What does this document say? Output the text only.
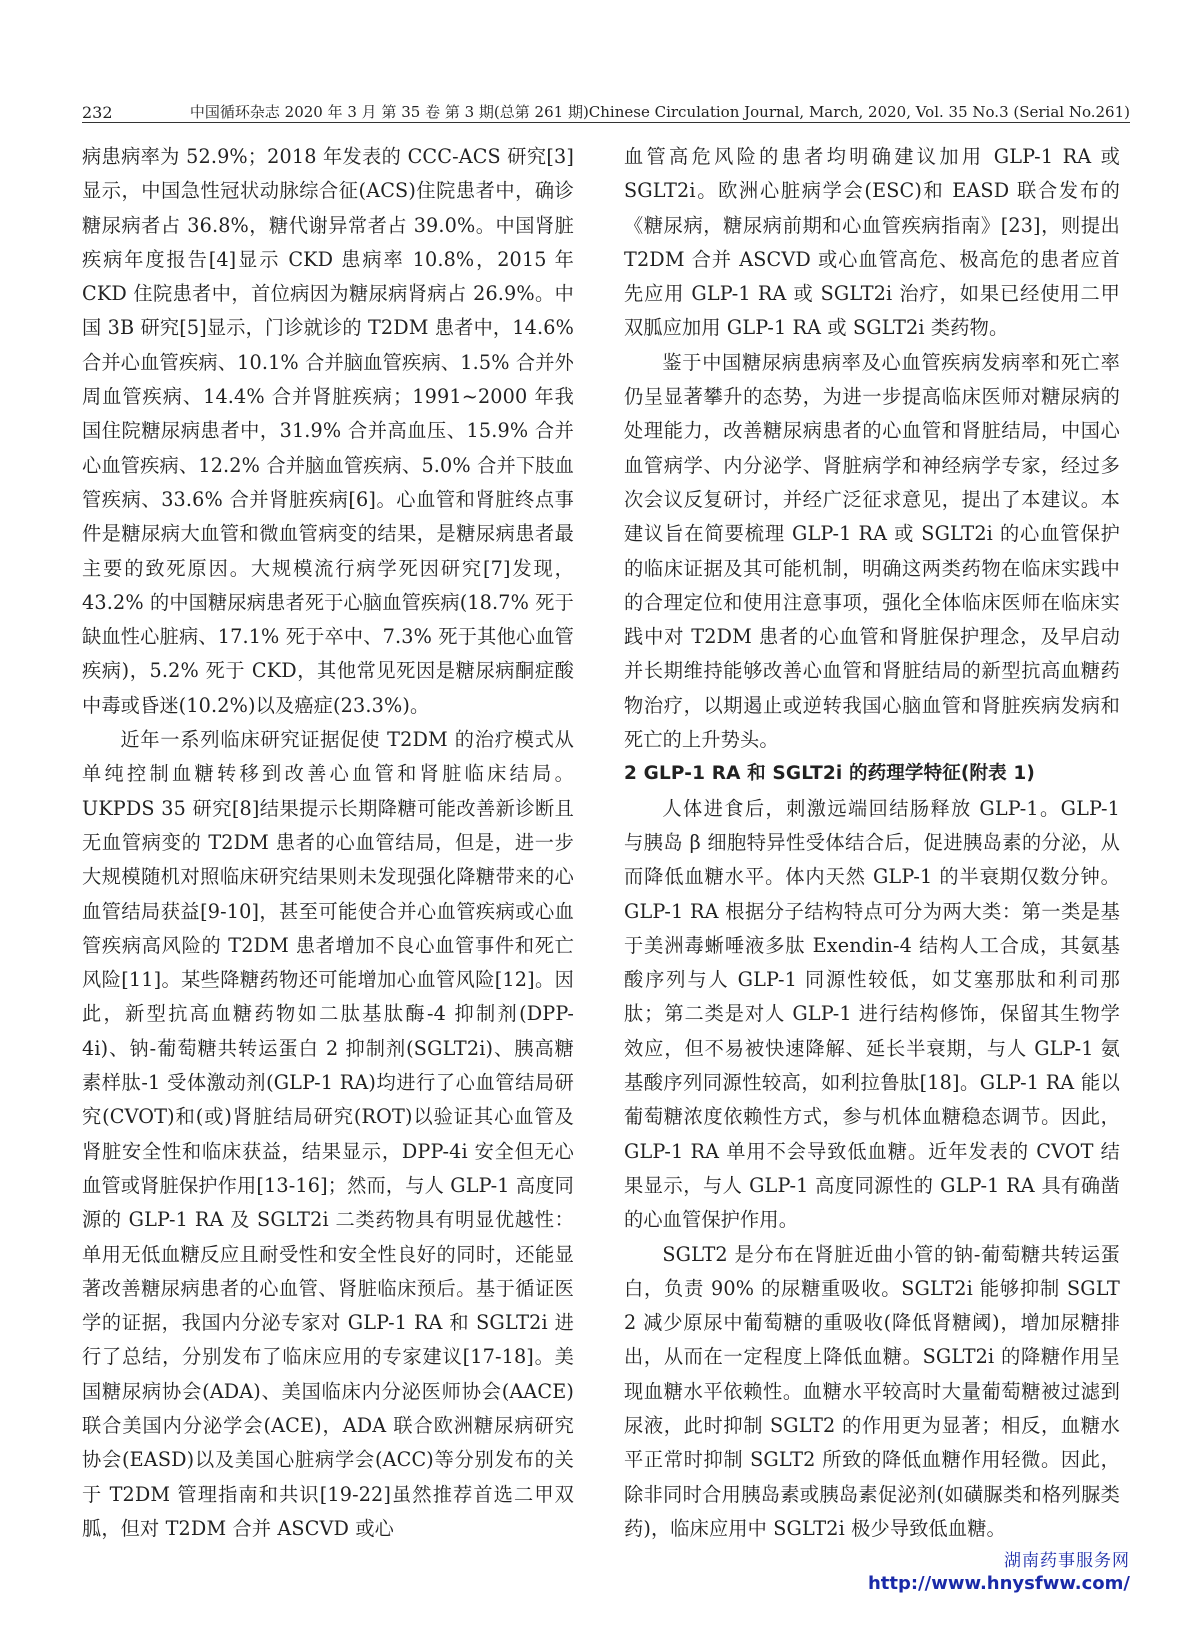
232	中国循环杂志 2020 年 3 月 第 35 卷 第 3 期(总第 261 期)Chinese Circulation Journal, March, 2020, Vol. 35 No.3 (Serial No.261)

病患病率为 52.9%；2018 年发表的 CCC-ACS 研究[3]显示，中国急性冠状动脉综合征(ACS)住院患者中，确诊糖尿病者占 36.8%，糖代谢异常者占 39.0%。中国肾脏疾病年度报告[4]显示 CKD 患病率 10.8%，2015 年 CKD 住院患者中，首位病因为糖尿病肾病占 26.9%。中国 3B 研究[5]显示，门诊就诊的 T2DM 患者中，14.6% 合并心血管疾病、10.1% 合并脑血管疾病、1.5% 合并外周血管疾病、14.4% 合并肾脏疾病；1991~2000 年我国住院糖尿病患者中，31.9% 合并高血压、15.9% 合并心血管疾病、12.2% 合并脑血管疾病、5.0% 合并下肢血管疾病、33.6% 合并肾脏疾病[6]。心血管和肾脏终点事件是糖尿病大血管和微血管病变的结果，是糖尿病患者最主要的致死原因。大规模流行病学死因研究[7]发现，43.2% 的中国糖尿病患者死于心脑血管疾病(18.7% 死于缺血性心脏病、17.1% 死于卒中、7.3% 死于其他心血管疾病)，5.2% 死于 CKD，其他常见死因是糖尿病酮症酸中毒或昏迷(10.2%)以及癌症(23.3%)。

近年一系列临床研究证据促使 T2DM 的治疗模式从单纯控制血糖转移到改善心血管和肾脏临床结局。UKPDS 35 研究[8]结果提示长期降糖可能改善新诊断且无血管病变的 T2DM 患者的心血管结局，但是，进一步大规模随机对照临床研究结果则未发现强化降糖带来的心血管结局获益[9-10]，甚至可能使合并心血管疾病或心血管疾病高风险的 T2DM 患者增加不良心血管事件和死亡风险[11]。某些降糖药物还可能增加心血管风险[12]。因此，新型抗高血糖药物如二肽基肽酶-4 抑制剂(DPP-4i)、钠-葡萄糖共转运蛋白 2 抑制剂(SGLT2i)、胰高糖素样肽-1 受体激动剂(GLP-1 RA)均进行了心血管结局研究(CVOT)和(或)肾脏结局研究(ROT)以验证其心血管及肾脏安全性和临床获益，结果显示，DPP-4i 安全但无心血管或肾脏保护作用[13-16]；然而，与人 GLP-1 高度同源的 GLP-1 RA 及 SGLT2i 二类药物具有明显优越性：单用无低血糖反应且耐受性和安全性良好的同时，还能显著改善糖尿病患者的心血管、肾脏临床预后。基于循证医学的证据，我国内分泌专家对 GLP-1 RA 和 SGLT2i 进行了总结，分别发布了临床应用的专家建议[17-18]。美国糖尿病协会(ADA)、美国临床内分泌医师协会(AACE)联合美国内分泌学会(ACE)，ADA 联合欧洲糖尿病研究协会(EASD)以及美国心脏病学会(ACC)等分别发布的关于 T2DM 管理指南和共识[19-22]虽然推荐首选二甲双胍，但对 T2DM 合并 ASCVD 或心

血管高危风险的患者均明确建议加用 GLP-1 RA 或 SGLT2i。欧洲心脏病学会(ESC)和 EASD 联合发布的《糖尿病，糖尿病前期和心血管疾病指南》[23]，则提出 T2DM 合并 ASCVD 或心血管高危、极高危的患者应首先应用 GLP-1 RA 或 SGLT2i 治疗，如果已经使用二甲双胍应加用 GLP-1 RA 或 SGLT2i 类药物。

鉴于中国糖尿病患病率及心血管疾病发病率和死亡率仍呈显著攀升的态势，为进一步提高临床医师对糖尿病的处理能力，改善糖尿病患者的心血管和肾脏结局，中国心血管病学、内分泌学、肾脏病学和神经病学专家，经过多次会议反复研讨，并经广泛征求意见，提出了本建议。本建议旨在简要梳理 GLP-1 RA 或 SGLT2i 的心血管保护的临床证据及其可能机制，明确这两类药物在临床实践中的合理定位和使用注意事项，强化全体临床医师在临床实践中对 T2DM 患者的心血管和肾脏保护理念，及早启动并长期维持能够改善心血管和肾脏结局的新型抗高血糖药物治疗，以期遏止或逆转我国心脑血管和肾脏疾病发病和死亡的上升势头。

2 GLP-1 RA 和 SGLT2i 的药理学特征(附表 1)

人体进食后，刺激远端回结肠释放 GLP-1。GLP-1 与胰岛 β 细胞特异性受体结合后，促进胰岛素的分泌，从而降低血糖水平。体内天然 GLP-1 的半衰期仅数分钟。GLP-1 RA 根据分子结构特点可分为两大类：第一类是基于美洲毒蜥唾液多肽 Exendin-4 结构人工合成，其氨基酸序列与人 GLP-1 同源性较低，如艾塞那肽和利司那肽；第二类是对人 GLP-1 进行结构修饰，保留其生物学效应，但不易被快速降解、延长半衰期，与人 GLP-1 氨基酸序列同源性较高，如利拉鲁肽[18]。GLP-1 RA 能以葡萄糖浓度依赖性方式，参与机体血糖稳态调节。因此，GLP-1 RA 单用不会导致低血糖。近年发表的 CVOT 结果显示，与人 GLP-1 高度同源性的 GLP-1 RA 具有确凿的心血管保护作用。

SGLT2 是分布在肾脏近曲小管的钠-葡萄糖共转运蛋白，负责 90% 的尿糖重吸收。SGLT2i 能够抑制 SGLT 2 减少原尿中葡萄糖的重吸收(降低肾糖阈)，增加尿糖排出，从而在一定程度上降低血糖。SGLT2i 的降糖作用呈现血糖水平依赖性。血糖水平较高时大量葡萄糖被过滤到尿液，此时抑制 SGLT2 的作用更为显著；相反，血糖水平正常时抑制 SGLT2 所致的降低血糖作用轻微。因此，除非同时合用胰岛素或胰岛素促泌剂(如磺脲类和格列脲类药)，临床应用中 SGLT2i 极少导致低血糖。

湖南药事服务网
http://www.hnysfww.com/
